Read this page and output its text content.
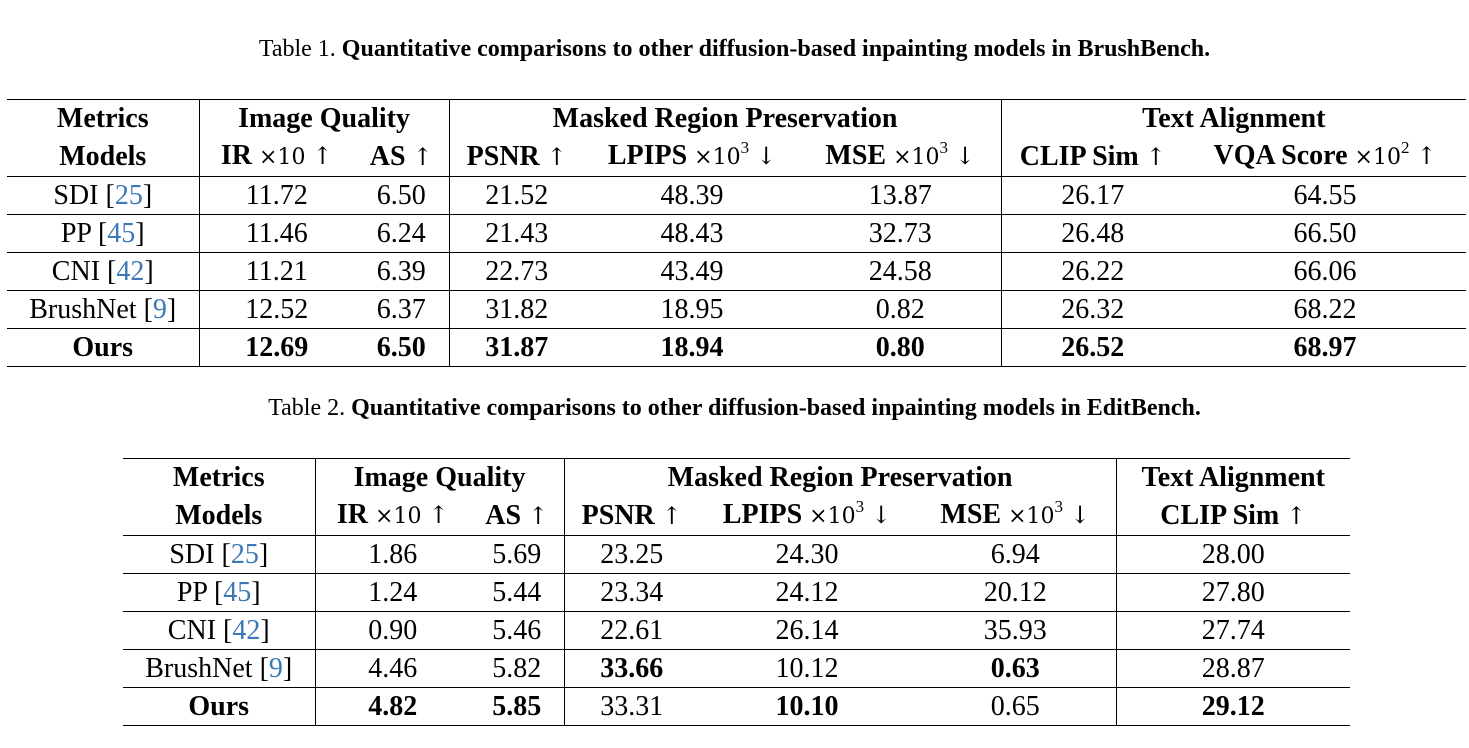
Table 1. Quantitative comparisons to other diffusion-based inpainting models in BrushBench.
Metrics	Image Quality		Masked Region Preservation			Text Alignment	
Models	IR ×10 ↑	AS ↑	PSNR ↑	LPIPS $\times 10^3$ ↓	MSE $\times 10^3$ ↓	CLIP Sim ↑	VQA Score $\times 10^2$ ↑
SDI [25]	11.72	6.50	21.52	48.39	13.87	26.17	64.55
PP [45]	11.46	6.24	21.43	48.43	32.73	26.48	66.50
CNI [42]	11.21	6.39	22.73	43.49	24.58	26.22	66.06
BrushNet [9]	12.52	6.37	31.82	18.95	0.82	26.32	68.22
Ours	12.69	6.50	31.87	18.94	0.80	26.52	68.97
Table 2. Quantitative comparisons to other diffusion-based inpainting models in EditBench.
Metrics	Image Quality		Masked Region Preservation			Text Alignment
Models	IR ×10 ↑	AS ↑	PSNR ↑	LPIPS $\times 10^3$ ↓	MSE $\times 10^3$ ↓	CLIP Sim ↑
SDI [25]	1.86	5.69	23.25	24.30	6.94	28.00
PP [45]	1.24	5.44	23.34	24.12	20.12	27.80
CNI [42]	0.90	5.46	22.61	26.14	35.93	27.74
BrushNet [9]	4.46	5.82	33.66	10.12	0.63	28.87
Ours	4.82	5.85	33.31	10.10	0.65	29.12
